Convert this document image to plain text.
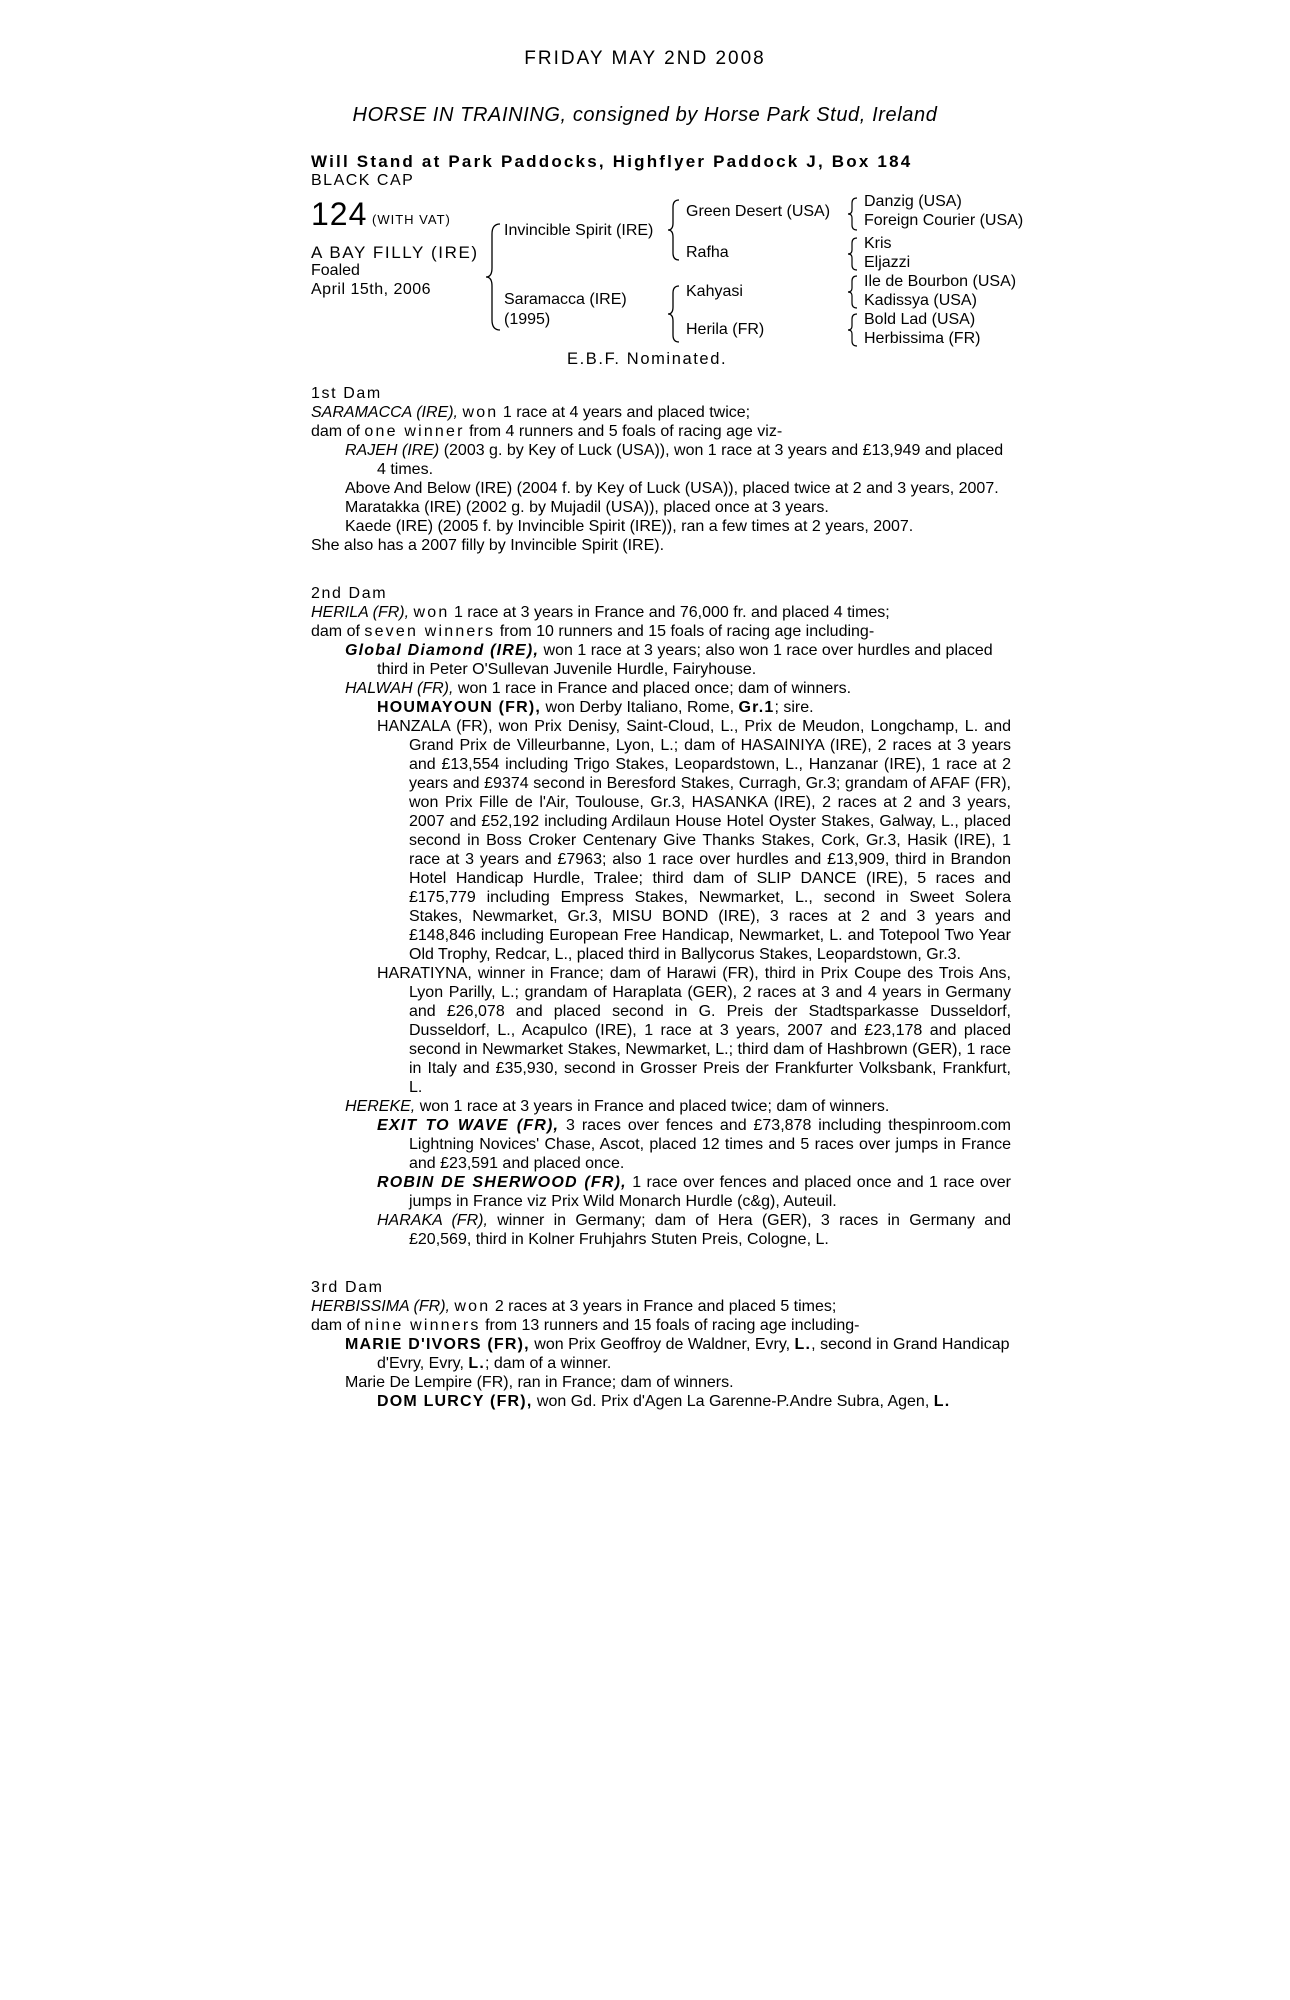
FRIDAY MAY 2ND 2008
HORSE IN TRAINING, consigned by Horse Park Stud, Ireland
Will Stand at Park Paddocks, Highflyer Paddock J, Box 184
BLACK CAP
124 (WITH VAT)
A BAY FILLY (IRE)
Foaled
April 15th, 2006
Invincible Spirit (IRE)
Saramacca (IRE)
(1995)
Green Desert (USA)
Rafha
Kahyasi
Herila (FR)
Danzig (USA)
Foreign Courier (USA)
Kris
Eljazzi
Ile de Bourbon (USA)
Kadissya (USA)
Bold Lad (USA)
Herbissima (FR)
E.B.F. Nominated.

1st Dam

SARAMACCA (IRE), won 1 race at 4 years and placed twice;

dam of one winner from 4 runners and 5 foals of racing age viz-

RAJEH (IRE) (2003 g. by Key of Luck (USA)), won 1 race at 3 years and £13,949 and placed 4 times.

Above And Below (IRE) (2004 f. by Key of Luck (USA)), placed twice at 2 and 3 years, 2007.

Maratakka (IRE) (2002 g. by Mujadil (USA)), placed once at 3 years.

Kaede (IRE) (2005 f. by Invincible Spirit (IRE)), ran a few times at 2 years, 2007.

She also has a 2007 filly by Invincible Spirit (IRE).

2nd Dam

HERILA (FR), won 1 race at 3 years in France and 76,000 fr. and placed 4 times;

dam of seven winners from 10 runners and 15 foals of racing age including-

Global Diamond (IRE), won 1 race at 3 years; also won 1 race over hurdles and placed third in Peter O'Sullevan Juvenile Hurdle, Fairyhouse.

HALWAH (FR), won 1 race in France and placed once; dam of winners.

HOUMAYOUN (FR), won Derby Italiano, Rome, Gr.1; sire.

HANZALA (FR), won Prix Denisy, Saint-Cloud, L., Prix de Meudon, Longchamp, L. and Grand Prix de Villeurbanne, Lyon, L.; dam of HASAINIYA (IRE), 2 races at 3 years and £13,554 including Trigo Stakes, Leopardstown, L., Hanzanar (IRE), 1 race at 2 years and £9374 second in Beresford Stakes, Curragh, Gr.3; grandam of AFAF (FR), won Prix Fille de l'Air, Toulouse, Gr.3, HASANKA (IRE), 2 races at 2 and 3 years, 2007 and £52,192 including Ardilaun House Hotel Oyster Stakes, Galway, L., placed second in Boss Croker Centenary Give Thanks Stakes, Cork, Gr.3, Hasik (IRE), 1 race at 3 years and £7963; also 1 race over hurdles and £13,909, third in Brandon Hotel Handicap Hurdle, Tralee; third dam of SLIP DANCE (IRE), 5 races and £175,779 including Empress Stakes, Newmarket, L., second in Sweet Solera Stakes, Newmarket, Gr.3, MISU BOND (IRE), 3 races at 2 and 3 years and £148,846 including European Free Handicap, Newmarket, L. and Totepool Two Year Old Trophy, Redcar, L., placed third in Ballycorus Stakes, Leopardstown, Gr.3.

HARATIYNA, winner in France; dam of Harawi (FR), third in Prix Coupe des Trois Ans, Lyon Parilly, L.; grandam of Haraplata (GER), 2 races at 3 and 4 years in Germany and £26,078 and placed second in G. Preis der Stadtsparkasse Dusseldorf, Dusseldorf, L., Acapulco (IRE), 1 race at 3 years, 2007 and £23,178 and placed second in Newmarket Stakes, Newmarket, L.; third dam of Hashbrown (GER), 1 race in Italy and £35,930, second in Grosser Preis der Frankfurter Volksbank, Frankfurt, L.

HEREKE, won 1 race at 3 years in France and placed twice; dam of winners.

EXIT TO WAVE (FR), 3 races over fences and £73,878 including thespinroom.com Lightning Novices' Chase, Ascot, placed 12 times and 5 races over jumps in France and £23,591 and placed once.

ROBIN DE SHERWOOD (FR), 1 race over fences and placed once and 1 race over jumps in France viz Prix Wild Monarch Hurdle (c&g), Auteuil.

HARAKA (FR), winner in Germany; dam of Hera (GER), 3 races in Germany and £20,569, third in Kolner Fruhjahrs Stuten Preis, Cologne, L.

3rd Dam

HERBISSIMA (FR), won 2 races at 3 years in France and placed 5 times;

dam of nine winners from 13 runners and 15 foals of racing age including-

MARIE D'IVORS (FR), won Prix Geoffroy de Waldner, Evry, L., second in Grand Handicap d'Evry, Evry, L.; dam of a winner.

Marie De Lempire (FR), ran in France; dam of winners.

DOM LURCY (FR), won Gd. Prix d'Agen La Garenne-P.Andre Subra, Agen, L.
